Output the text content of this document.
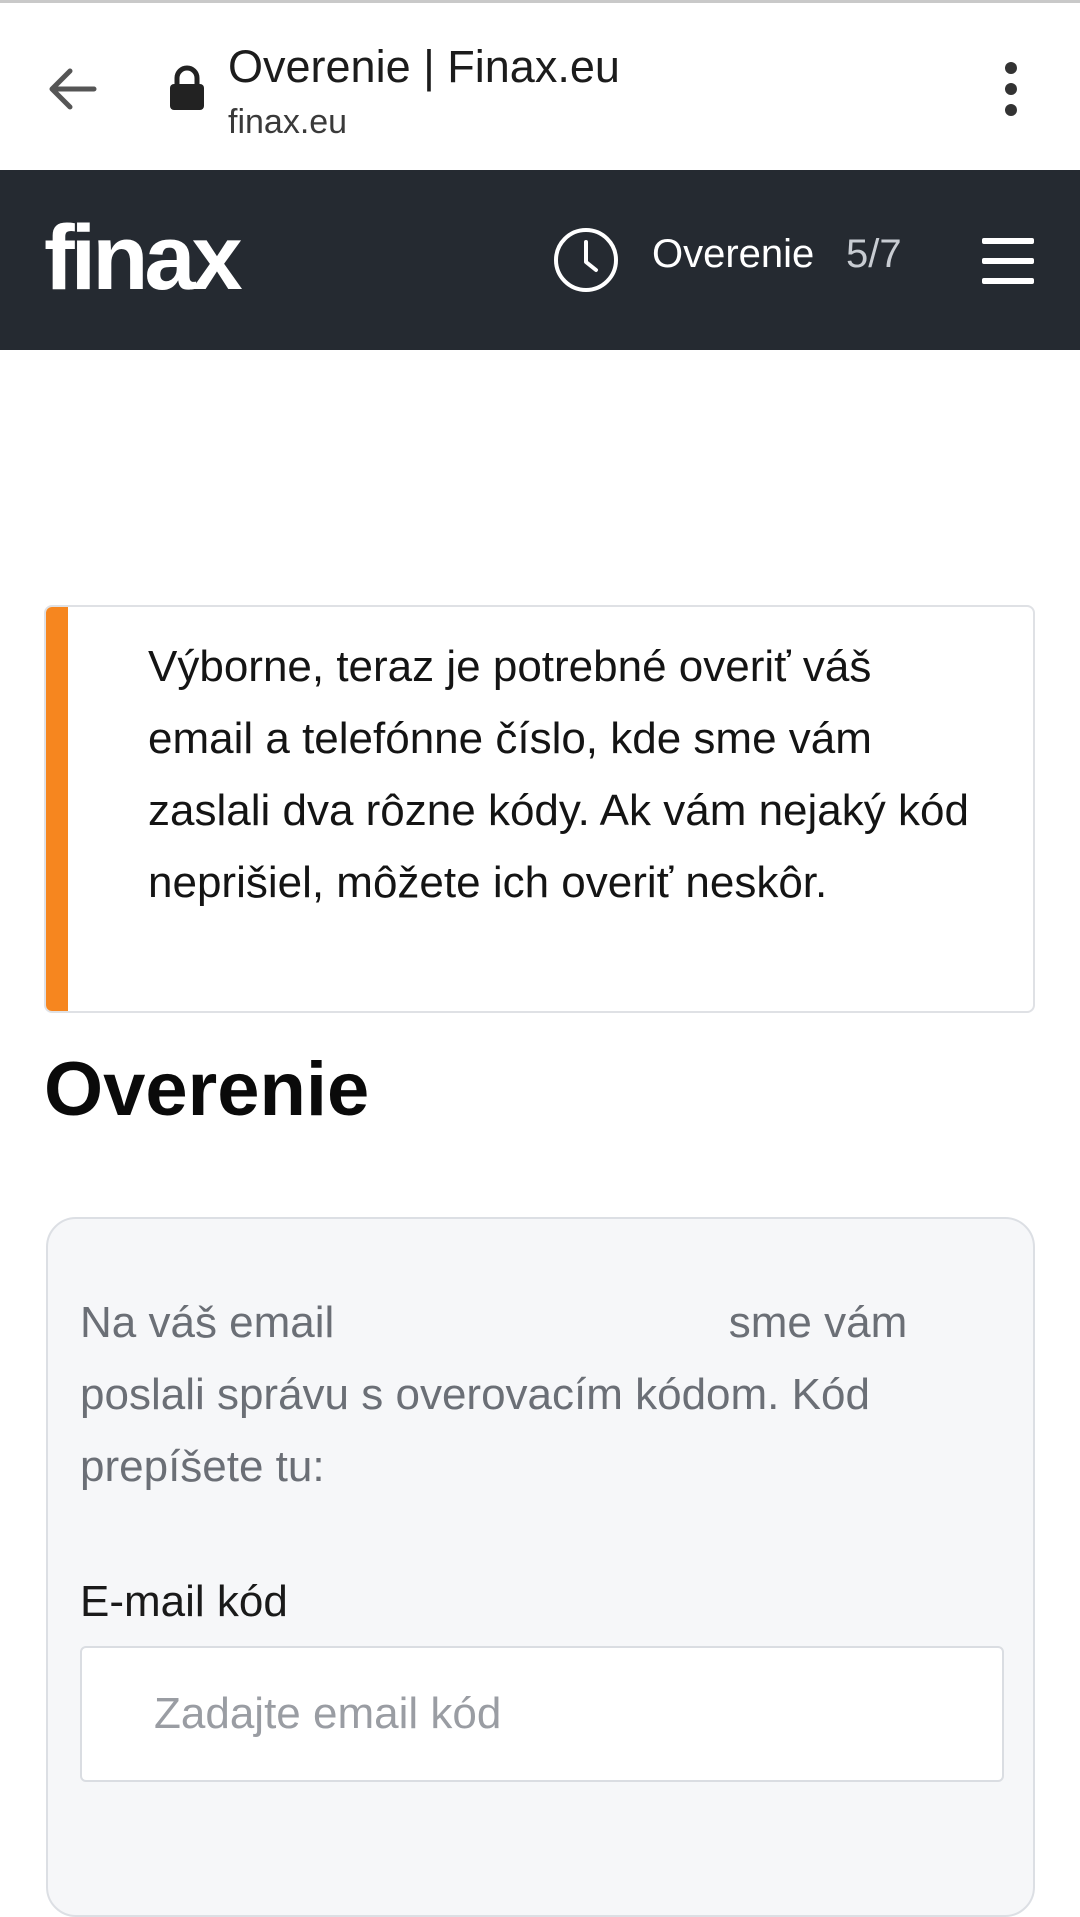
Overenie | Finax.eu
finax.eu
finax	Overenie 5/7
Výborne, teraz je potrebné overiť váš email a telefónne číslo, kde sme vám zaslali dva rôzne kódy. Ak vám nejaký kód neprišiel, môžete ich overiť neskôr.
Overenie
Na váš email	sme vám poslali správu s overovacím kódom. Kód prepíšete tu:
E-mail kód
Zadajte email kód
